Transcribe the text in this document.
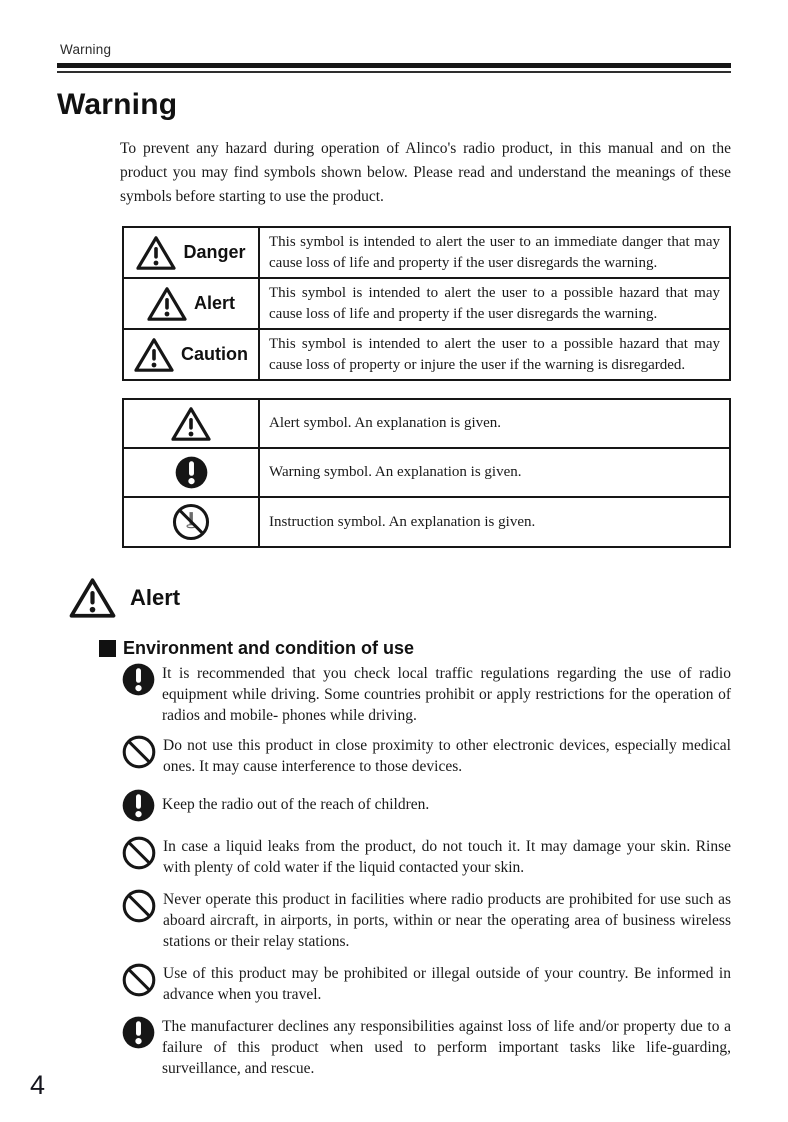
Warning
Warning

To prevent any hazard during operation of Alinco's radio product, in this manual and on the product you may find symbols shown below. Please read and understand the meanings of these symbols before starting to use the product.

Danger	This symbol is intended to alert the user to an immediate danger that may cause loss of life and property if the user disregards the warning.

Alert	This symbol is intended to alert the user to a possible hazard that may cause loss of life and property if the user disregards the warning.

Caution	This symbol is intended to alert the user to a possible hazard that may cause loss of property or injure the user if the warning is disregarded.
	Alert symbol. An explanation is given.

	Warning symbol. An explanation is given.

	Instruction symbol. An explanation is given.
Alert
Environment and condition of use
It is recommended that you check local traffic regulations regarding the use of radio equipment while driving. Some countries prohibit or apply restrictions for the operation of radios and mobile- phones while driving.
Do not use this product in close proximity to other electronic devices, especially medical ones. It may cause interference to those devices.
Keep the radio out of the reach of children.
In case a liquid leaks from the product, do not touch it. It may damage your skin. Rinse with plenty of cold water if the liquid contacted your skin.
Never operate this product in facilities where radio products are prohibited for use such as aboard aircraft, in airports, in ports, within or near the operating area of business wireless stations or their relay stations.
Use of this product may be prohibited or illegal outside of your country. Be informed in advance when you travel.
The manufacturer declines any responsibilities against loss of life and/or property due to a failure of this product when used to perform important tasks like life-guarding, surveillance, and rescue.
4
